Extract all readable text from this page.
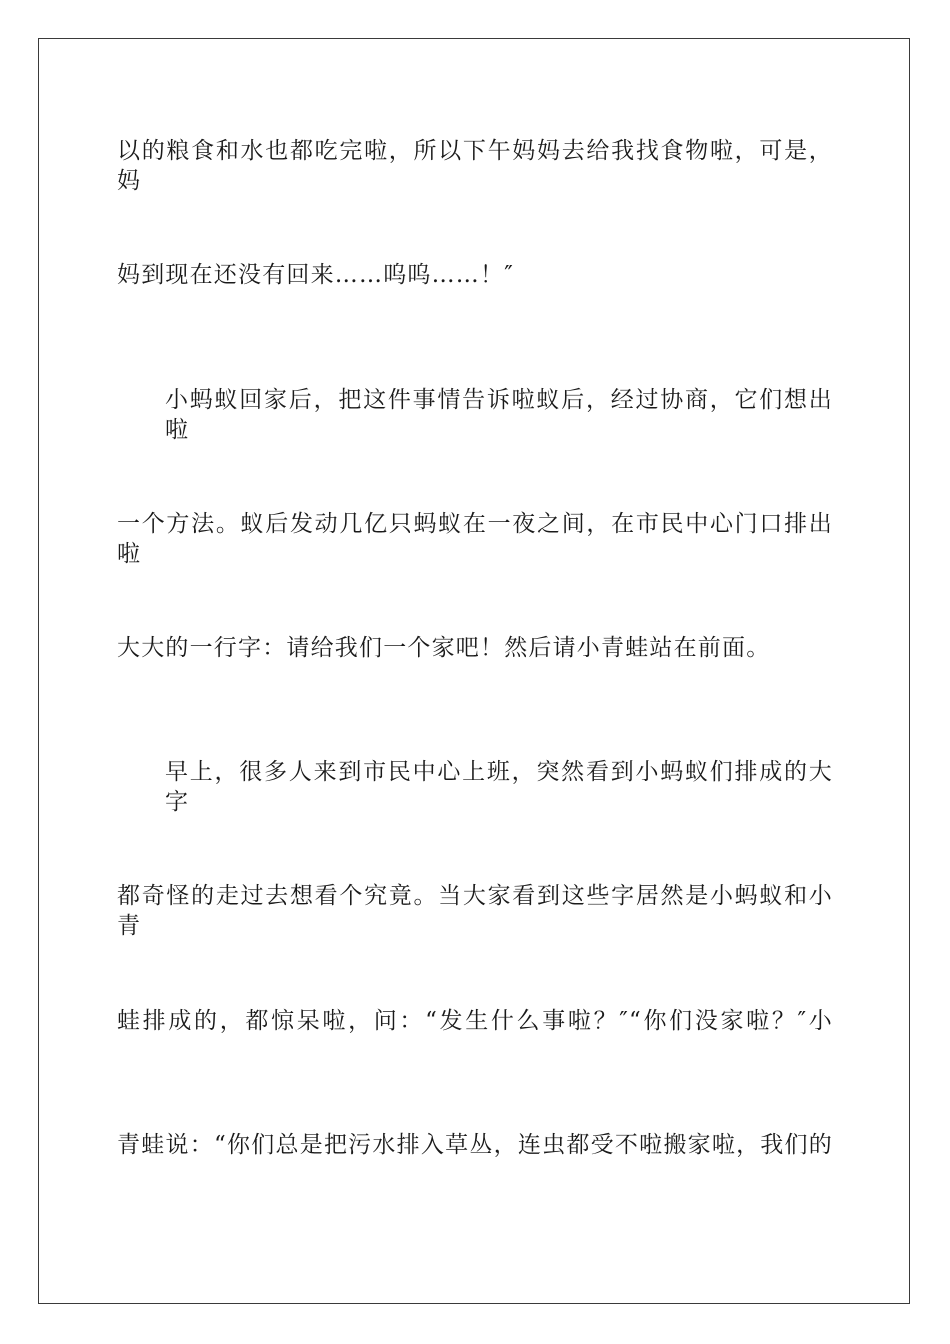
以的粮食和水也都吃完啦，所以下午妈妈去给我找食物啦，可是，妈
妈到现在还没有回来……呜呜……！″
小蚂蚁回家后，把这件事情告诉啦蚁后，经过协商，它们想出啦
一个方法。蚁后发动几亿只蚂蚁在一夜之间，在市民中心门口排出啦
大大的一行字：请给我们一个家吧！然后请小青蛙站在前面。
早上，很多人来到市民中心上班，突然看到小蚂蚁们排成的大字
都奇怪的走过去想看个究竟。当大家看到这些字居然是小蚂蚁和小青
蛙排成的，都惊呆啦，问：“发生什么事啦？″“你们没家啦？″小
青蛙说：“你们总是把污水排入草丛，连虫都受不啦搬家啦，我们的
